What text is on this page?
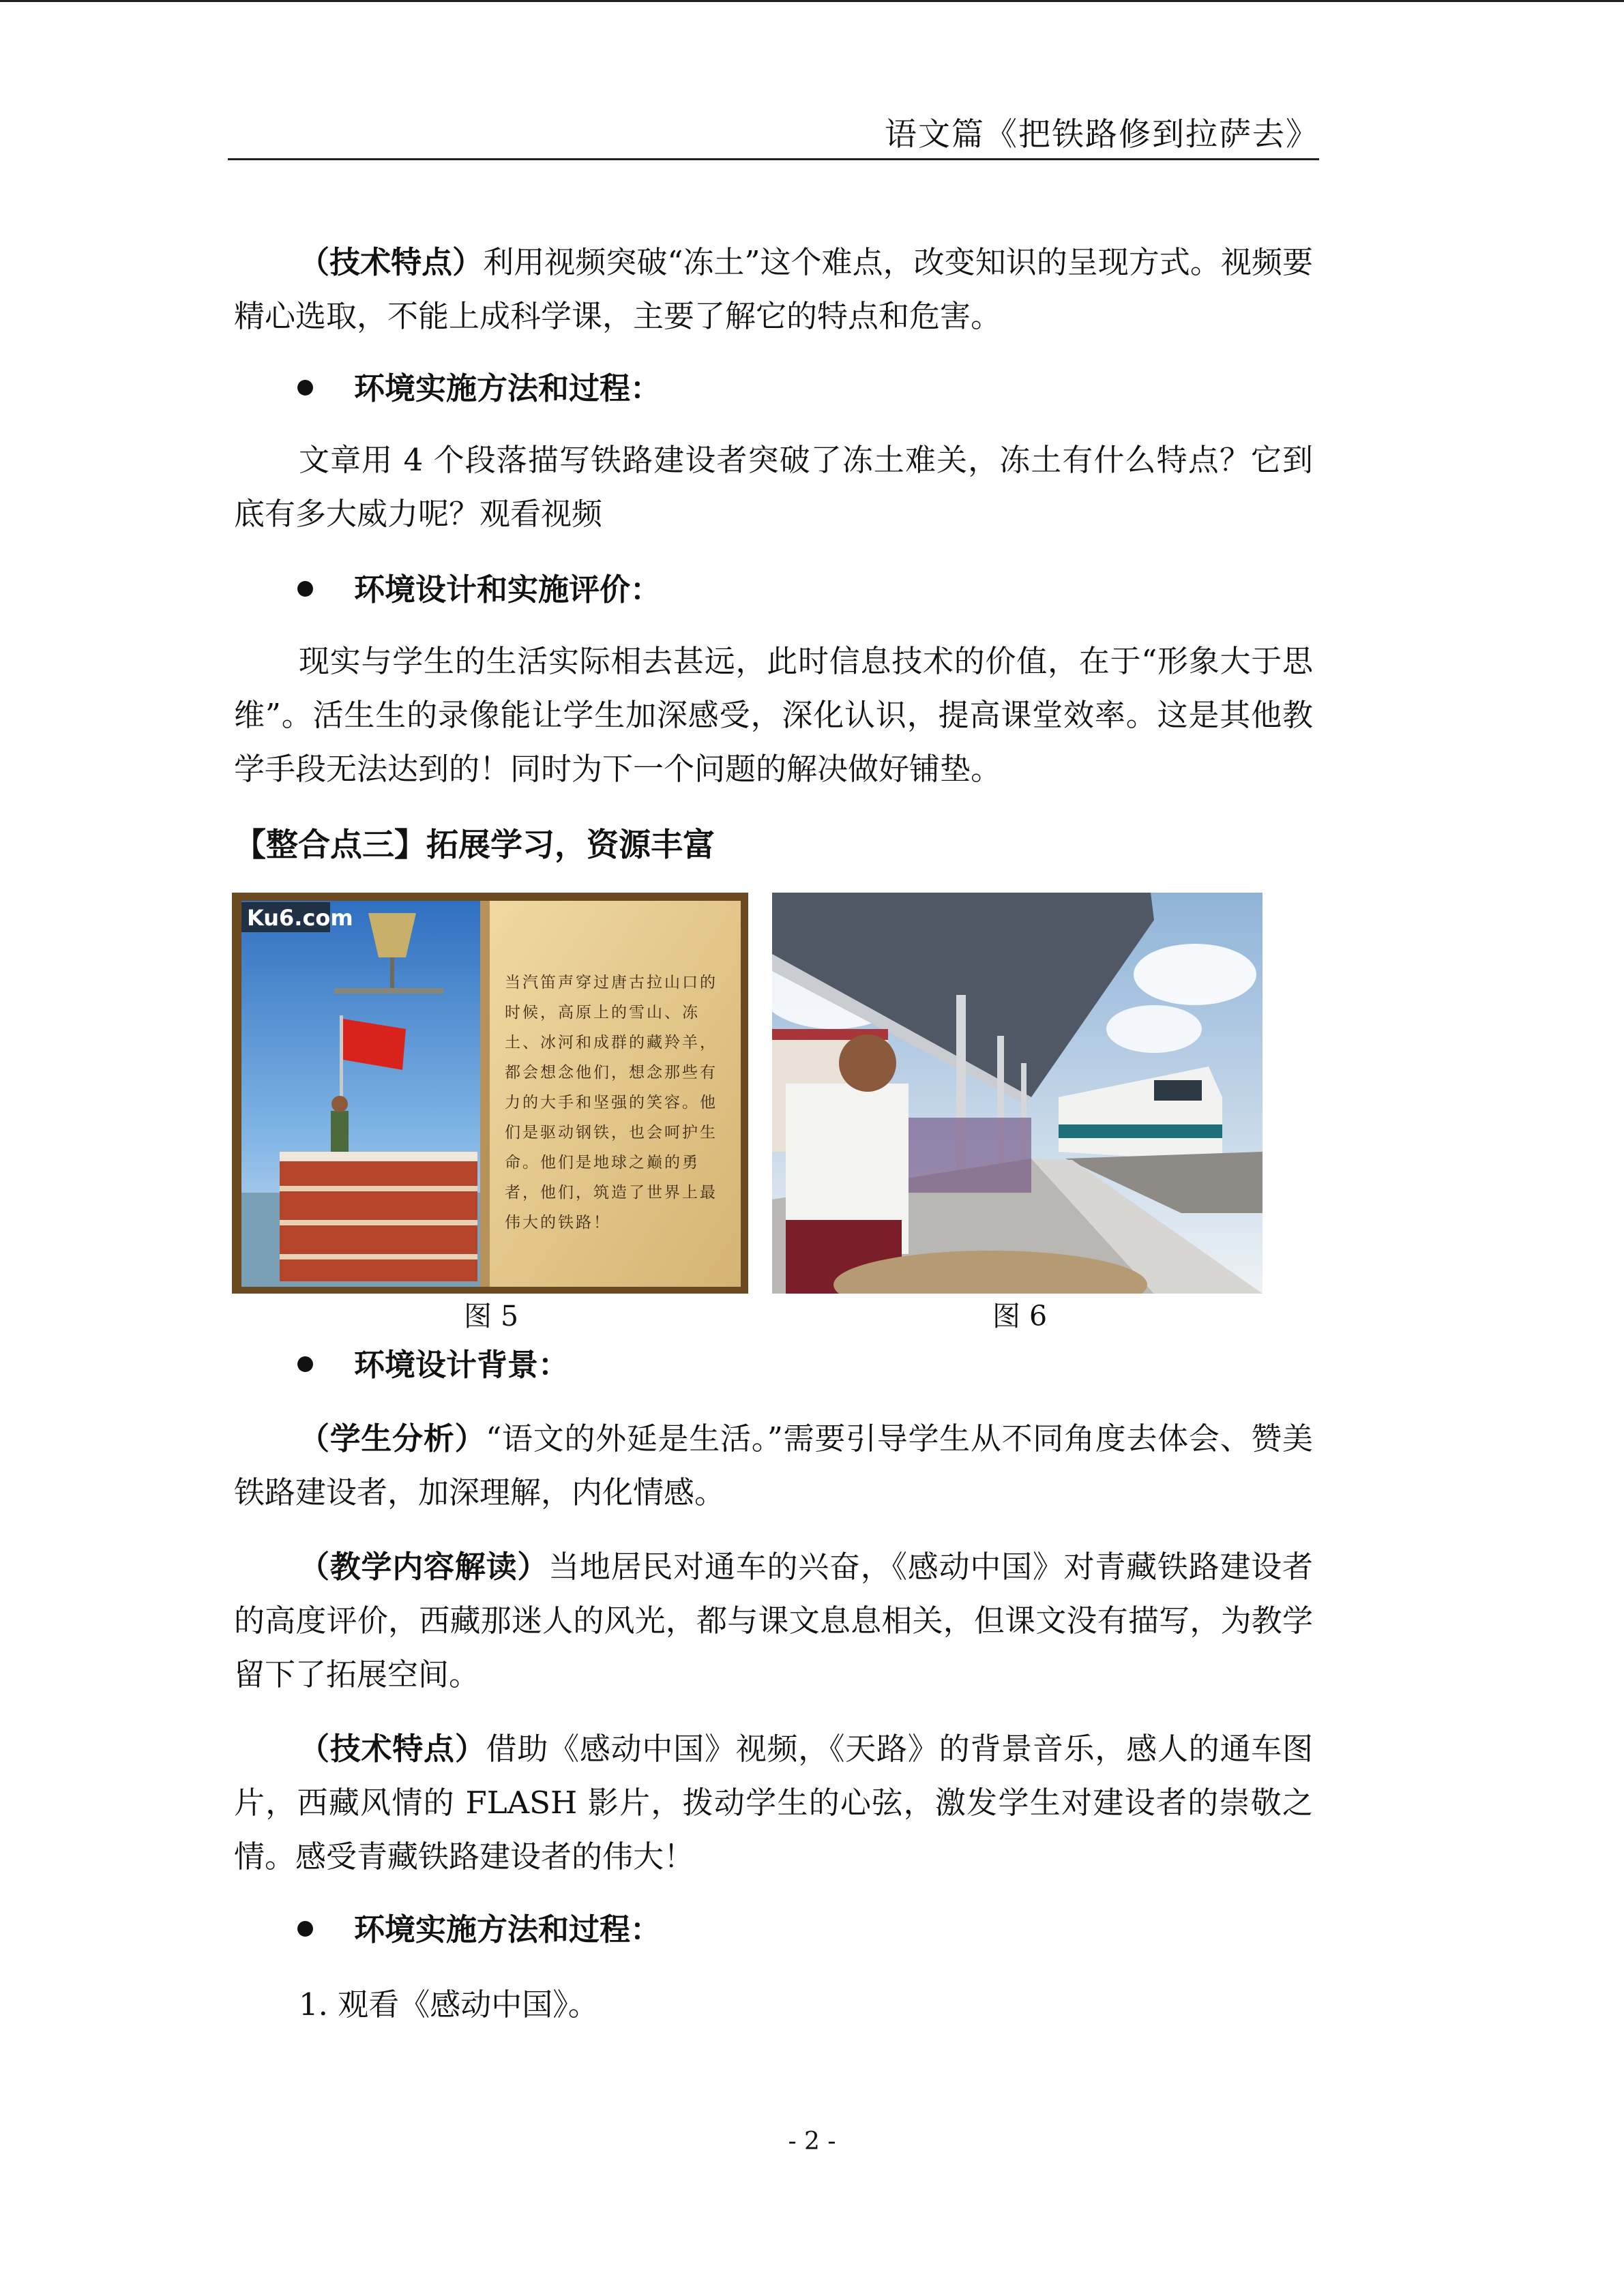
语文篇《把铁路修到拉萨去》

（技术特点）利用视频突破“冻土”这个难点，改变知识的呈现方式。视频要精心选取，不能上成科学课，主要了解它的特点和危害。

环境实施方法和过程：

文章用 4 个段落描写铁路建设者突破了冻土难关，冻土有什么特点？它到底有多大威力呢？观看视频

环境设计和实施评价：

现实与学生的生活实际相去甚远，此时信息技术的价值，在于“形象大于思维”。活生生的录像能让学生加深感受，深化认识，提高课堂效率。这是其他教学手段无法达到的！同时为下一个问题的解决做好铺垫。

【整合点三】拓展学习，资源丰富
Ku6.com
当汽笛声穿过唐古拉山口的时候，高原上的雪山、冻土、冰河和成群的藏羚羊，都会想念他们，想念那些有力的大手和坚强的笑容。他们是驱动钢铁，也会呵护生命。他们是地球之巅的勇者，他们，筑造了世界上最伟大的铁路！
图 5	图 6
环境设计背景：

（学生分析）“语文的外延是生活。”需要引导学生从不同角度去体会、赞美铁路建设者，加深理解，内化情感。

（教学内容解读）当地居民对通车的兴奋，《感动中国》对青藏铁路建设者的高度评价，西藏那迷人的风光，都与课文息息相关，但课文没有描写，为教学留下了拓展空间。

（技术特点）借助《感动中国》视频，《天路》的背景音乐，感人的通车图片，西藏风情的 FLASH 影片，拨动学生的心弦，激发学生对建设者的崇敬之情。感受青藏铁路建设者的伟大！

环境实施方法和过程：

1. 观看《感动中国》。

- 2 -
